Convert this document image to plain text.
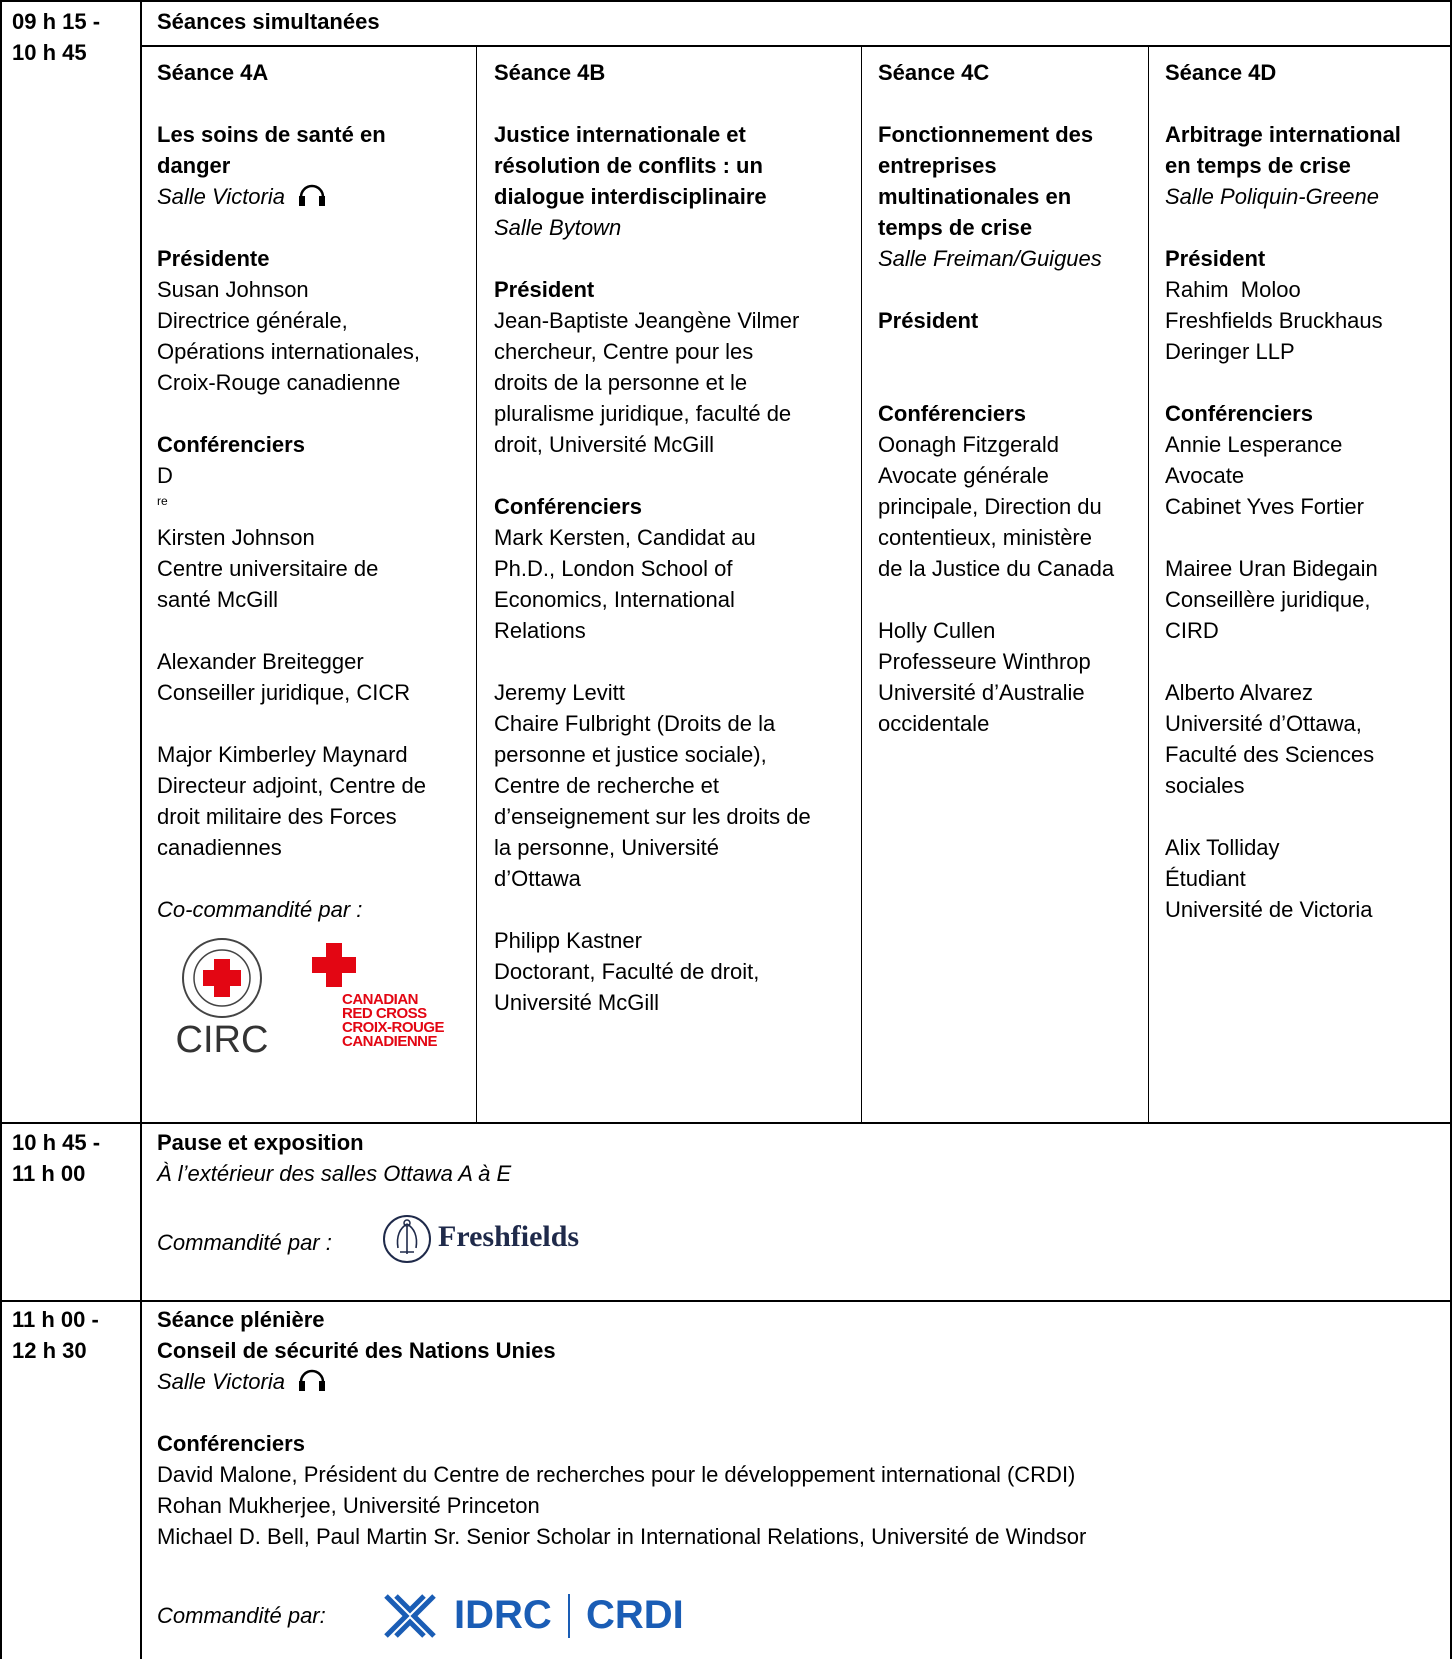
09 h 15 -
10 h 45
Séances simultanées
Séance 4A
Les soins de santé en
danger
Salle Victoria
Présidente
Susan Johnson
Directrice générale,
Opérations internationales,
Croix-Rouge canadienne
Conférenciers
D
$^{re}$
Kirsten Johnson
Centre universitaire de
santé McGill
Alexander Breitegger
Conseiller juridique, CICR
Major Kimberley Maynard
Directeur adjoint, Centre de
droit militaire des Forces
canadiennes
Co-commandité par :
CIRC
CANADIAN
RED CROSS
CROIX-ROUGE
CANADIENNE
Séance 4B
Justice internationale et
résolution de conflits : un
dialogue interdisciplinaire
Salle Bytown
Président
Jean-Baptiste Jeangène Vilmer
chercheur, Centre pour les
droits de la personne et le
pluralisme juridique, faculté de
droit, Université McGill
Conférenciers
Mark Kersten, Candidat au
Ph.D., London School of
Economics, International
Relations
Jeremy Levitt
Chaire Fulbright (Droits de la
personne et justice sociale),
Centre de recherche et
d’enseignement sur les droits de
la personne, Université
d’Ottawa
Philipp Kastner
Doctorant, Faculté de droit,
Université McGill
Séance 4C
Fonctionnement des
entreprises
multinationales en
temps de crise
Salle Freiman/Guigues
Président
Conférenciers
Oonagh Fitzgerald
Avocate générale
principale, Direction du
contentieux, ministère
de la Justice du Canada
Holly Cullen
Professeure Winthrop
Université d’Australie
occidentale
Séance 4D
Arbitrage international
en temps de crise
Salle Poliquin-Greene
Président
Rahim  Moloo
Freshfields Bruckhaus
Deringer LLP
Conférenciers
Annie Lesperance
Avocate
Cabinet Yves Fortier
Mairee Uran Bidegain
Conseillère juridique,
CIRD
Alberto Alvarez
Université d’Ottawa,
Faculté des Sciences
sociales
Alix Tolliday
Étudiant
Université de Victoria
10 h 45 -
11 h 00
Pause et exposition
À l’extérieur des salles Ottawa A à E
Commandité par :	Freshfields
11 h 00 -
12 h 30
Séance plénière
Conseil de sécurité des Nations Unies
Salle Victoria
Conférenciers
David Malone, Président du Centre de recherches pour le développement international (CRDI)
Rohan Mukherjee, Université Princeton
Michael D. Bell, Paul Martin Sr. Senior Scholar in International Relations, Université de Windsor
Commandité par:	IDRC CRDI
